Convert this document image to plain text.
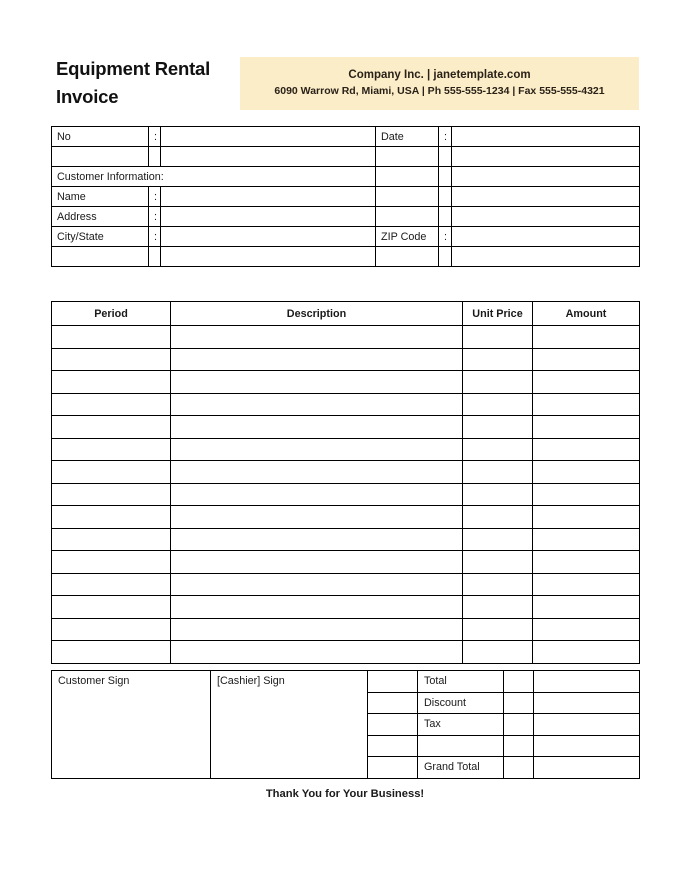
Equipment Rental
Invoice
Company Inc. | janetemplate.com
6090 Warrow Rd, Miami, USA | Ph 555-555-1234 | Fax 555-555-4321
No	:		Date	:	

Customer Information:					
Name	:				
Address	:				
City/State	:		ZIP Code	:	

Period	Description	Unit Price	Amount

Customer Sign	[Cashier] Sign		Total		
			Discount		
			Tax		

			Grand Total		
Thank You for Your Business!
